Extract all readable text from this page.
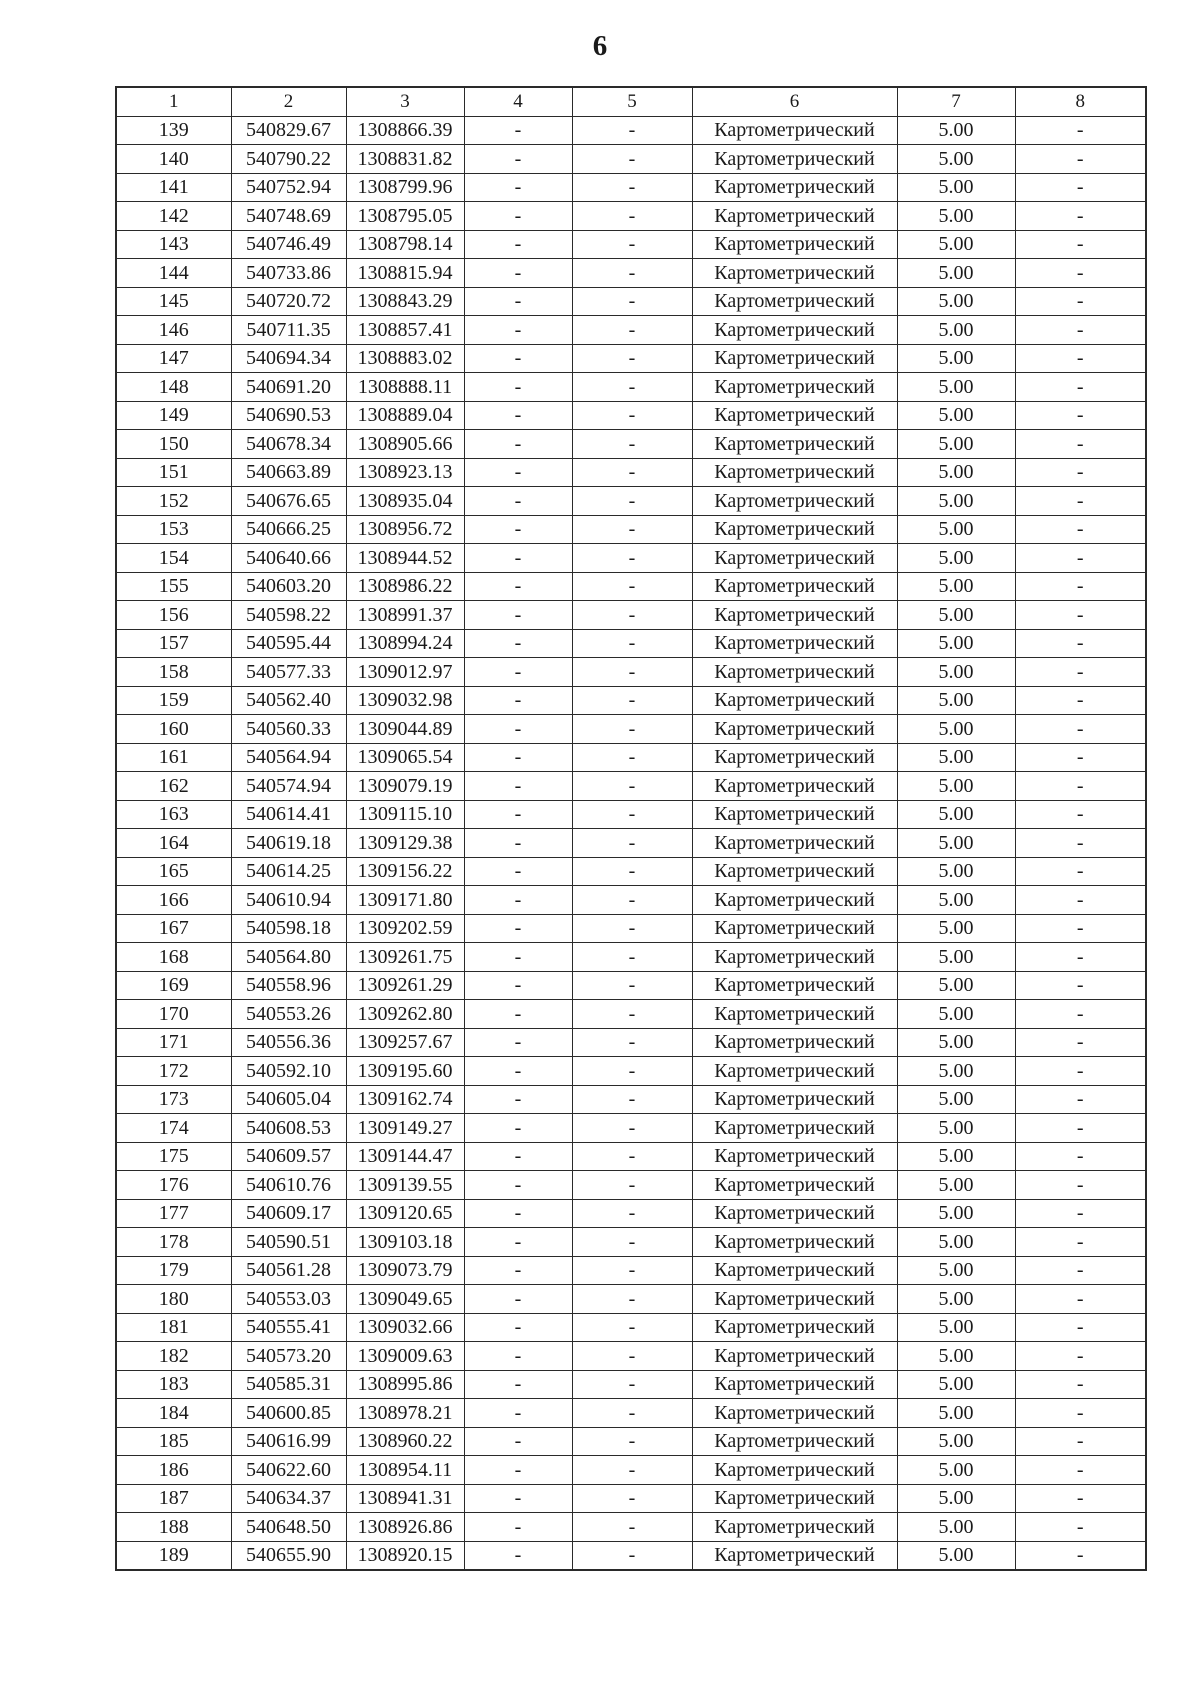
6
1	2	3	4	5	6	7	8
139	540829.67	1308866.39	-	-	Картометрический	5.00	-
140	540790.22	1308831.82	-	-	Картометрический	5.00	-
141	540752.94	1308799.96	-	-	Картометрический	5.00	-
142	540748.69	1308795.05	-	-	Картометрический	5.00	-
143	540746.49	1308798.14	-	-	Картометрический	5.00	-
144	540733.86	1308815.94	-	-	Картометрический	5.00	-
145	540720.72	1308843.29	-	-	Картометрический	5.00	-
146	540711.35	1308857.41	-	-	Картометрический	5.00	-
147	540694.34	1308883.02	-	-	Картометрический	5.00	-
148	540691.20	1308888.11	-	-	Картометрический	5.00	-
149	540690.53	1308889.04	-	-	Картометрический	5.00	-
150	540678.34	1308905.66	-	-	Картометрический	5.00	-
151	540663.89	1308923.13	-	-	Картометрический	5.00	-
152	540676.65	1308935.04	-	-	Картометрический	5.00	-
153	540666.25	1308956.72	-	-	Картометрический	5.00	-
154	540640.66	1308944.52	-	-	Картометрический	5.00	-
155	540603.20	1308986.22	-	-	Картометрический	5.00	-
156	540598.22	1308991.37	-	-	Картометрический	5.00	-
157	540595.44	1308994.24	-	-	Картометрический	5.00	-
158	540577.33	1309012.97	-	-	Картометрический	5.00	-
159	540562.40	1309032.98	-	-	Картометрический	5.00	-
160	540560.33	1309044.89	-	-	Картометрический	5.00	-
161	540564.94	1309065.54	-	-	Картометрический	5.00	-
162	540574.94	1309079.19	-	-	Картометрический	5.00	-
163	540614.41	1309115.10	-	-	Картометрический	5.00	-
164	540619.18	1309129.38	-	-	Картометрический	5.00	-
165	540614.25	1309156.22	-	-	Картометрический	5.00	-
166	540610.94	1309171.80	-	-	Картометрический	5.00	-
167	540598.18	1309202.59	-	-	Картометрический	5.00	-
168	540564.80	1309261.75	-	-	Картометрический	5.00	-
169	540558.96	1309261.29	-	-	Картометрический	5.00	-
170	540553.26	1309262.80	-	-	Картометрический	5.00	-
171	540556.36	1309257.67	-	-	Картометрический	5.00	-
172	540592.10	1309195.60	-	-	Картометрический	5.00	-
173	540605.04	1309162.74	-	-	Картометрический	5.00	-
174	540608.53	1309149.27	-	-	Картометрический	5.00	-
175	540609.57	1309144.47	-	-	Картометрический	5.00	-
176	540610.76	1309139.55	-	-	Картометрический	5.00	-
177	540609.17	1309120.65	-	-	Картометрический	5.00	-
178	540590.51	1309103.18	-	-	Картометрический	5.00	-
179	540561.28	1309073.79	-	-	Картометрический	5.00	-
180	540553.03	1309049.65	-	-	Картометрический	5.00	-
181	540555.41	1309032.66	-	-	Картометрический	5.00	-
182	540573.20	1309009.63	-	-	Картометрический	5.00	-
183	540585.31	1308995.86	-	-	Картометрический	5.00	-
184	540600.85	1308978.21	-	-	Картометрический	5.00	-
185	540616.99	1308960.22	-	-	Картометрический	5.00	-
186	540622.60	1308954.11	-	-	Картометрический	5.00	-
187	540634.37	1308941.31	-	-	Картометрический	5.00	-
188	540648.50	1308926.86	-	-	Картометрический	5.00	-
189	540655.90	1308920.15	-	-	Картометрический	5.00	-
